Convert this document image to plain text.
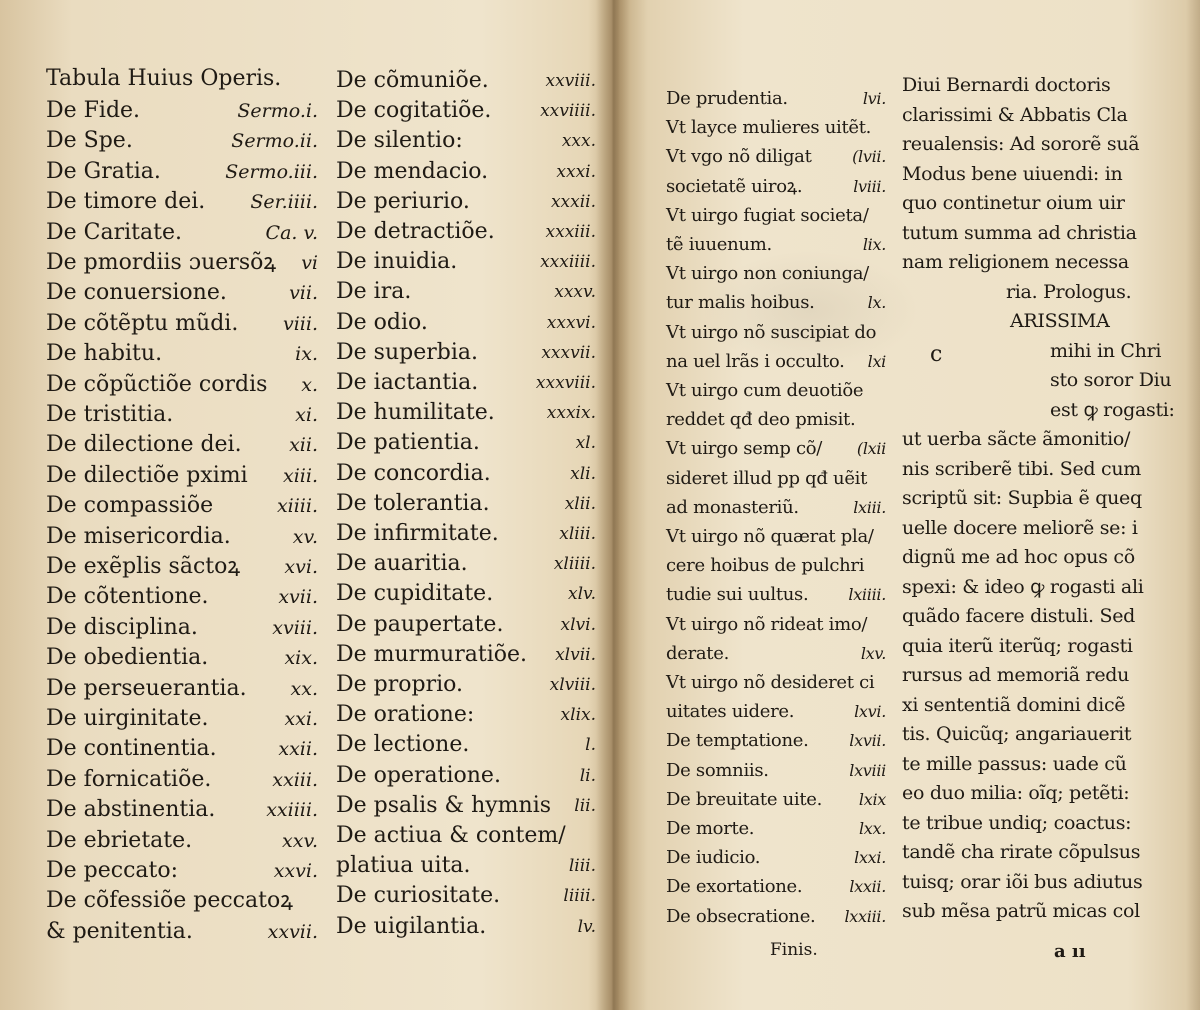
Tabula Huius Operis.
De Fide.	Sermo.i.
De Spe.	Sermo.ii.
De Gratia.	Sermo.iii.
De timore dei. Ser.iiii.
De Caritate.	Ca. v.
De pmordiis ɔuersõꝝ vi
De conuersione.	vii.
De cõtẽptu mũdi. viii.
De habitu.	ix.
De cõpũctiõe cordis x.
De tristitia.	xi.
De dilectione dei. xii.
De dilectiõe pximi xiii.
De compassiõe	xiiii.
De misericordia.	xv.
De exẽplis sãctoꝝ xvi.
De cõtentione.	xvii.
De disciplina.	xviii.
De obedientia.	xix.
De perseuerantia. xx.
De uirginitate.	xxi.
De continentia.	xxii.
De fornicatiõe.	xxiii.
De abstinentia.	xxiiii.
De ebrietate.	xxv.
De peccato:	xxvi.
De cõfessiõe peccatoꝝ
& penitentia.	xxvii.
De cõmuniõe.	xxviii.
De cogitatiõe.	xxviiii.
De silentio:	xxx.
De mendacio.	xxxi.
De periurio.	xxxii.
De detractiõe.	xxxiii.
De inuidia.	xxxiiii.
De ira.	xxxv.
De odio.	xxxvi.
De superbia.	xxxvii.
De iactantia.	xxxviii.
De humilitate.	xxxix.
De patientia.	xl.
De concordia.	xli.
De tolerantia.	xlii.
De infirmitate.	xliii.
De auaritia.	xliiii.
De cupiditate.	xlv.
De paupertate.	xlvi.
De murmuratiõe. xlvii.
De proprio.	xlviii.
De oratione:	xlix.
De lectione.	l.
De operatione.	li.
De psalis & hymnis lii.
De actiua & contem/
platiua uita.	liii.
De curiositate.	liiii.
De uigilantia.	lv.
De prudentia.	lvi.
Vt layce mulieres uitẽt.
Vt vgo nõ diligat	(lvii.
societatẽ uiroꝝ.	lviii.
Vt uirgo fugiat societa/
tẽ iuuenum.	lix.
Vt uirgo non coniunga/
tur malis hoibus.	lx.
Vt uirgo nõ suscipiat do
na uel lrãs i occulto. lxi
Vt uirgo cum deuotiõe
reddet qđ deo pmisit.
Vt uirgo semp cõ/ (lxii
sideret illud pp qđ uẽit
ad monasteriũ.	lxiii.
Vt uirgo nõ quærat pla/
cere hoibus de pulchri
tudie sui uultus. lxiiii.
Vt uirgo nõ rideat imo/
derate.	lxv.
Vt uirgo nõ desideret ci
uitates uidere.	lxvi.
De temptatione.	lxvii.
De somniis.	lxviii
De breuitate uite. lxix
De morte.	lxx.
De iudicio.	lxxi.
De exortatione.	lxxii.
De obsecratione. lxxiii.
Diui Bernardi doctoris
clarissimi & Abbatis Cla
reualensis: Ad sororẽ suã
Modus bene uiuendi: in
quo continetur oium uir
tutum summa ad christia
nam religionem necessa
ria. Prologus.
ARISSIMA
mihi in Chri
sto soror Diu
est ꝙ rogasti:
ut uerba sãcte ãmonitio/
nis scriberẽ tibi. Sed cum
scriptũ sit: Supbia ẽ queq
uelle docere meliorẽ se: i
dignũ me ad hoc opus cõ
spexi: & ideo ꝙ rogasti ali
quãdo facere distuli. Sed
quia iterũ iterũq; rogasti
rursus ad memoriã redu
xi sententiã domini dicẽ
tis. Quicũq; angariauerit
te mille passus: uade cũ
eo duo milia: oĩq; petẽti:
te tribue undiq; coactus:
tandẽ cha rirate cõpulsus
tuisq; orar iõi bus adiutus
sub mẽsa patrũ micas col
c
Finis.	a ıı
